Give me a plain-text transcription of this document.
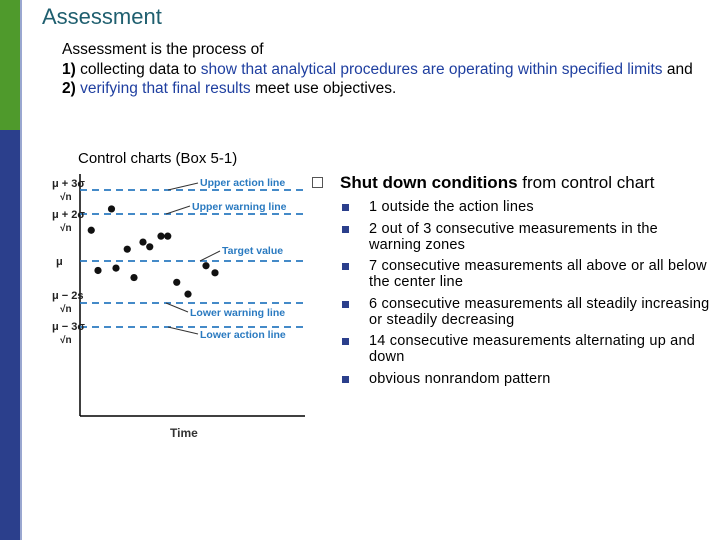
Assessment
Assessment is the process of
1) collecting data to show that analytical procedures are operating within specified limits and
2) verifying that final results meet use objectives.
Control charts (Box 5-1)
μ + 3σ
√n
μ + 2σ
√n
μ
μ − 2s
√n
μ − 3σ
√n
Upper action line
Upper warning line
Target value
Lower warning line
Lower action line
Time
Shut down conditions from control chart
1 outside the action lines
2 out of 3 consecutive measurements in the warning zones
7 consecutive measurements all above or all below the center line
6 consecutive measurements all steadily increasing or steadily decreasing
14 consecutive measurements alternating up and down
obvious nonrandom pattern
